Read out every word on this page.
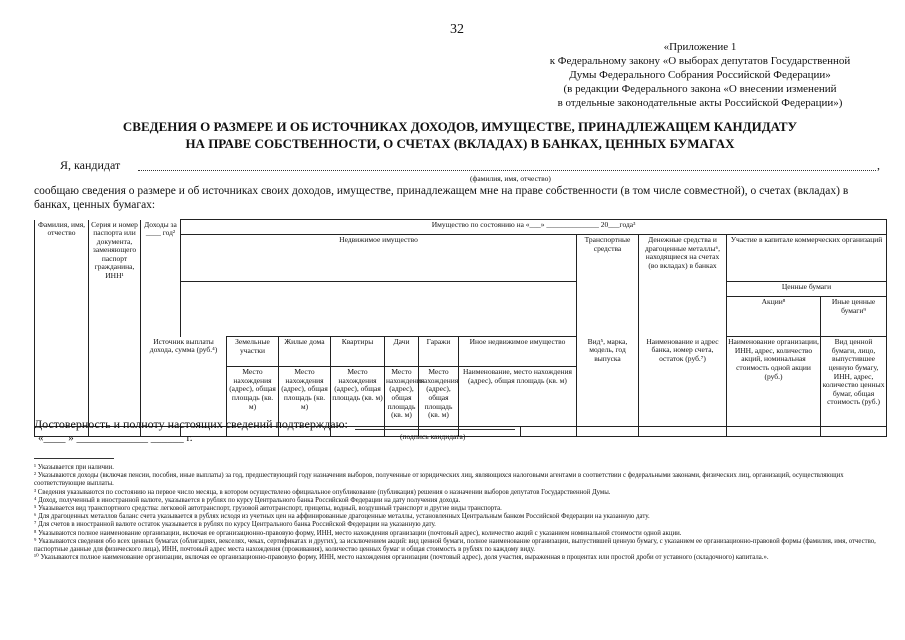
32
«Приложение 1
к Федеральному закону «О выборах депутатов Государственной
Думы Федерального Собрания Российской Федерации»
(в редакции Федерального закона «О внесении изменений
в отдельные законодательные акты Российской Федерации»)
СВЕДЕНИЯ О РАЗМЕРЕ И ОБ ИСТОЧНИКАХ ДОХОДОВ, ИМУЩЕСТВЕ, ПРИНАДЛЕЖАЩЕМ КАНДИДАТУ
НА ПРАВЕ СОБСТВЕННОСТИ, О СЧЕТАХ (ВКЛАДАХ) В БАНКАХ, ЦЕННЫХ БУМАГАХ
Я, кандидат	,
(фамилия, имя, отчество)
сообщаю сведения о размере и об источниках своих доходов, имуществе, принадлежащем мне на праве собственности (в том числе совместной), о счетах (вкладах) в банках, ценных бумагах:
Фамилия, имя, отчество	Серия и номер паспорта или документа, заменяющего паспорт гражданина, ИНН¹	Доходы за ____ год²	Имущество по состоянию на «___» ______________ 20___года³												
			Недвижимое имущество								Транспортные средства	Денежные средства и драгоценные металлы⁶, находящиеся на счетах (во вкладах) в банках	Участие в капитале коммерческих организаций		
													Ценные бумаги	
													Акции⁸	Иные ценные бумаги⁹	
		Источник выплаты дохода, сумма (руб.⁴)		Земельные участки	Жилые дома	Квартиры	Дачи	Гаражи	Иное недвижимое имущество		Вид⁵, марка, модель, год выпуска	Наименование и адрес банка, номер счета, остаток (руб.⁷)	Наименование организации, ИНН, адрес, количество акций, номинальная стоимость одной акции (руб.)	Вид ценной бумаги, лицо, выпустившее ценную бумагу, ИНН, адрес, количество ценных бумаг, общая стоимость (руб.)	
				Место нахождения (адрес), общая площадь (кв. м)	Место нахождения (адрес), общая площадь (кв. м)	Место нахождения (адрес), общая площадь (кв. м)	Место нахождения (адрес), общая площадь (кв. м)	Место нахождения (адрес), общая площадь (кв. м)	Наименование, место нахождения (адрес), общая площадь (кв. м)	

Достоверность и полноту настоящих сведений подтверждаю:
(подпись кандидата)
«____ » _____________ ______ г.
¹ Указывается при наличии.
² Указываются доходы (включая пенсии, пособия, иные выплаты) за год, предшествующий году назначения выборов, полученные от юридических лиц, являющихся налоговыми агентами в соответствии с федеральными законами, физических лиц, организаций, осуществляющих соответствующие выплаты.
³ Сведения указываются по состоянию на первое число месяца, в котором осуществлено официальное опубликование (публикация) решения о назначении выборов депутатов Государственной Думы.
⁴ Доход, полученный в иностранной валюте, указывается в рублях по курсу Центрального банка Российской Федерации на дату получения дохода.
⁵ Указывается вид транспортного средства: легковой автотранспорт, грузовой автотранспорт, прицепы, водный, воздушный транспорт и другие виды транспорта.
⁶ Для драгоценных металлов баланс счета указывается в рублях исходя из учетных цен на аффинированные драгоценные металлы, установленных Центральным банком Российской Федерации на указанную дату.
⁷ Для счетов в иностранной валюте остаток указывается в рублях по курсу Центрального банка Российской Федерации на указанную дату.
⁸ Указываются полное наименование организации, включая ее организационно-правовую форму, ИНН, место нахождения организации (почтовый адрес), количество акций с указанием номинальной стоимости одной акции.
⁹ Указываются сведения обо всех ценных бумагах (облигациях, векселях, чеках, сертификатах и других), за исключением акций: вид ценной бумаги, полное наименование организации, выпустившей ценную бумагу, с указанием ее организационно-правовой формы (фамилия, имя, отчество, паспортные данные для физического лица), ИНН, почтовый адрес места нахождения (проживания), количество ценных бумаг и общая стоимость в рублях по каждому виду.
¹⁰ Указываются полное наименование организации, включая ее организационно-правовую форму, ИНН, место нахождения организации (почтовый адрес), доля участия, выраженная в процентах или простой дроби от уставного (складочного) капитала.».
